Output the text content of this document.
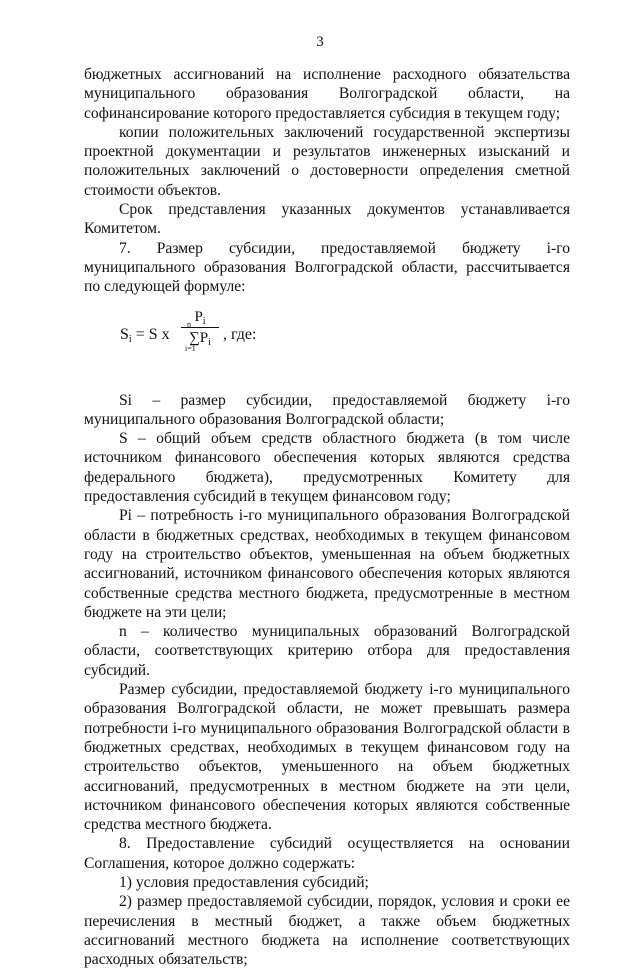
3

бюджетных ассигнований на исполнение расходного обязательства муниципального образования Волгоградской области, на софинансирование которого предоставляется субсидия в текущем году;

копии положительных заключений государственной экспертизы проектной документации и результатов инженерных изысканий и положительных заключений о достоверности определения сметной стоимости объектов.

Срок представления указанных документов устанавливается Комитетом.

7. Размер субсидии, предоставляемой бюджету i-го муниципального образования Волгоградской области, рассчитывается по следующей формуле:

$S_i = S$ x
$P_i$
n
$\sum P_i$
i=1
, где:

Si – размер субсидии, предоставляемой бюджету i-го муниципального образования Волгоградской области;

S – общий объем средств областного бюджета (в том числе источником финансового обеспечения которых являются средства федерального бюджета), предусмотренных Комитету для предоставления субсидий в текущем финансовом году;

Pi – потребность i-го муниципального образования Волгоградской области в бюджетных средствах, необходимых в текущем финансовом году на строительство объектов, уменьшенная на объем бюджетных ассигнований, источником финансового обеспечения которых являются собственные средства местного бюджета, предусмотренные в местном бюджете на эти цели;

n – количество муниципальных образований Волгоградской области, соответствующих критерию отбора для предоставления субсидий.

Размер субсидии, предоставляемой бюджету i-го муниципального образования Волгоградской области, не может превышать размера потребности i-го муниципального образования Волгоградской области в бюджетных средствах, необходимых в текущем финансовом году на строительство объектов, уменьшенного на объем бюджетных ассигнований, предусмотренных в местном бюджете на эти цели, источником финансового обеспечения которых являются собственные средства местного бюджета.

8. Предоставление субсидий осуществляется на основании Соглашения, которое должно содержать:

1) условия предоставления субсидий;

2) размер предоставляемой субсидии, порядок, условия и сроки ее перечисления в местный бюджет, а также объем бюджетных ассигнований местного бюджета на исполнение соответствующих расходных обязательств;
